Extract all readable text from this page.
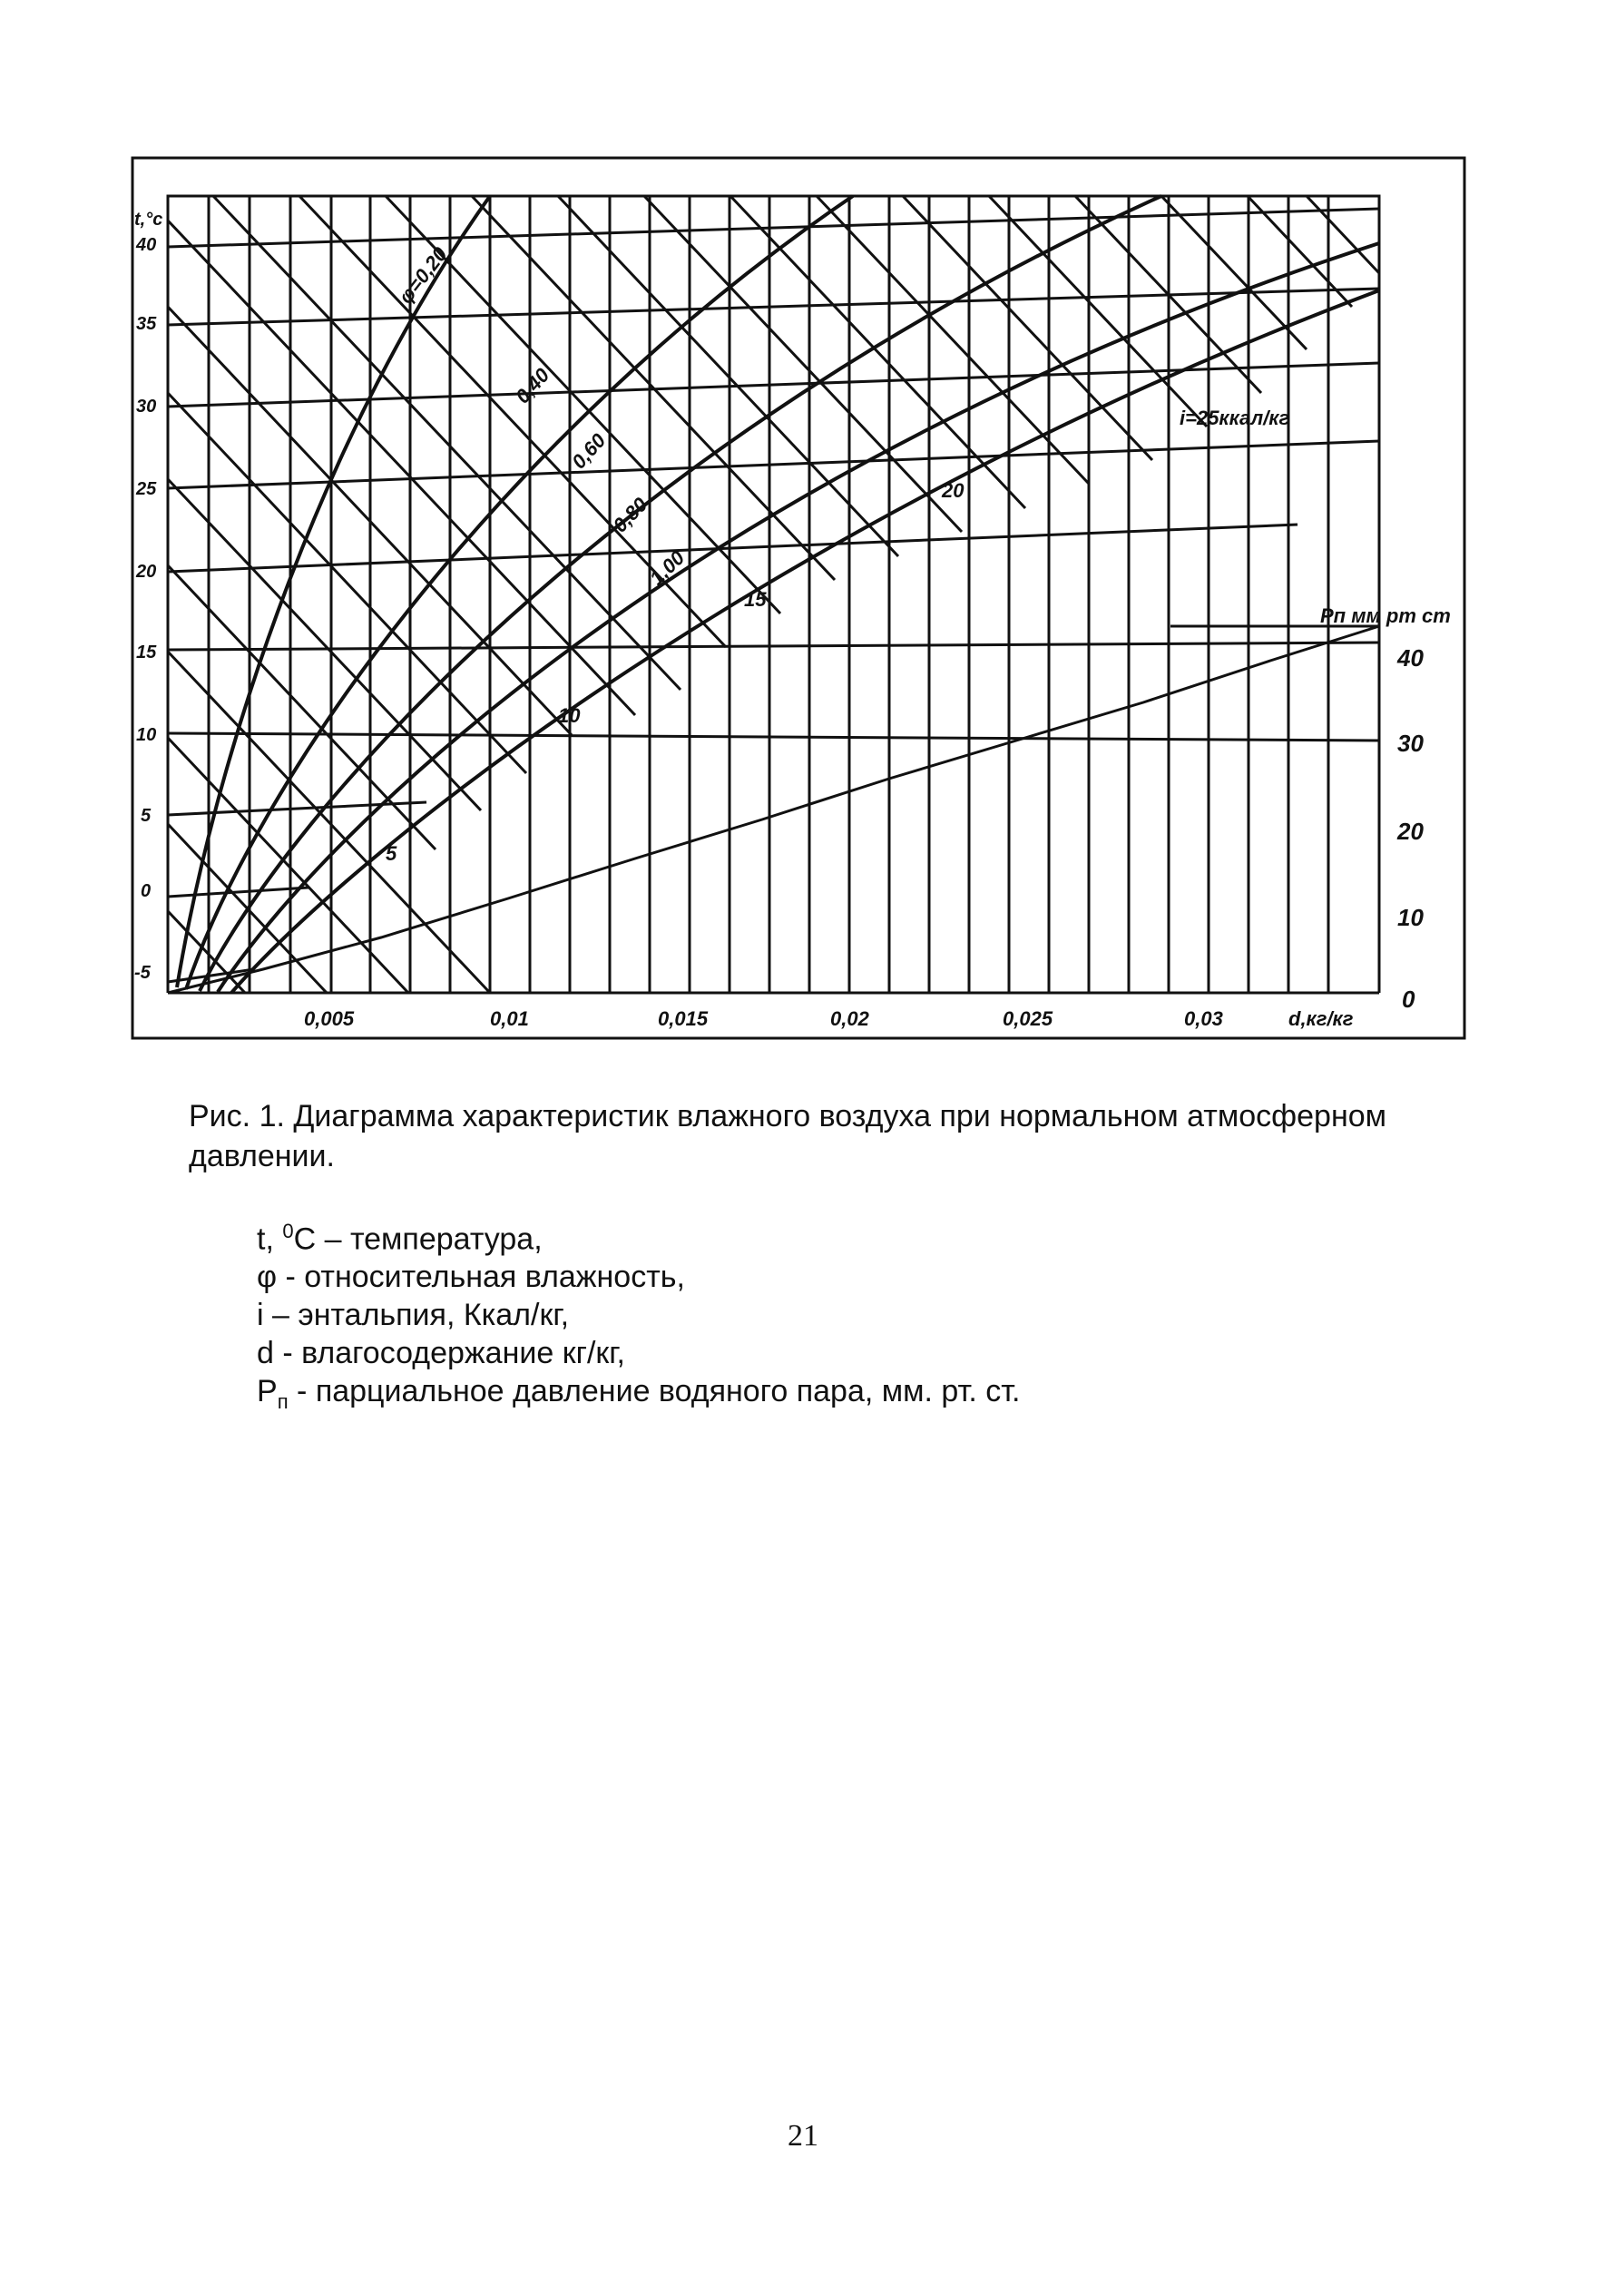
t,°c
40
35
30
25
20
15
10
5
0
-5
0,005	0,01	0,015	0,02	0,025	0,03	d,кг/кг
Pп мм рт ст
40
30
20
10
0
φ=0,20
0,40
0,60
0,80
1,00
5
10
15
20
i=25ккал/кг
Рис. 1. Диаграмма характеристик влажного воздуха при нормальном атмосферном давлении.
t, $^0$C – температура,
φ - относительная влажность,
i – энтальпия, Ккал/кг,
d - влагосодержание кг/кг,
$P_п$ - парциальное давление водяного пара, мм. рт. ст.
21
